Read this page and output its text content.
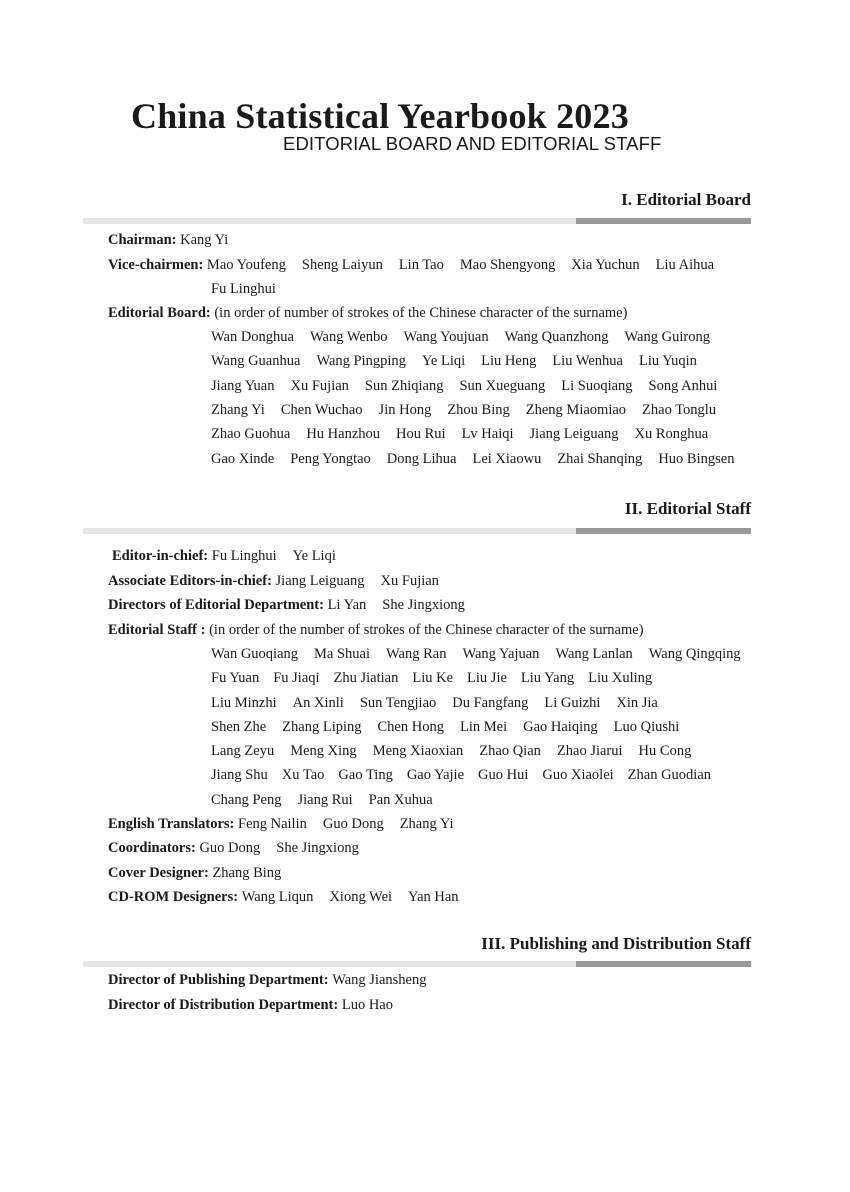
China Statistical Yearbook 2023
EDITORIAL BOARD AND EDITORIAL STAFF
I. Editorial Board
Chairman: Kang Yi
Vice-chairmen: Mao Youfeng Sheng Laiyun Lin Tao Mao Shengyong Xia Yuchun Liu Aihua
Fu Linghui
Editorial Board: (in order of number of strokes of the Chinese character of the surname)
Wan Donghua Wang Wenbo Wang Youjuan Wang Quanzhong Wang Guirong
Wang Guanhua Wang Pingping Ye Liqi Liu Heng Liu Wenhua Liu Yuqin
Jiang Yuan Xu Fujian Sun Zhiqiang Sun Xueguang Li Suoqiang Song Anhui
Zhang Yi Chen Wuchao Jin Hong Zhou Bing Zheng Miaomiao Zhao Tonglu
Zhao Guohua Hu Hanzhou Hou Rui Lv Haiqi Jiang Leiguang Xu Ronghua
Gao Xinde Peng Yongtao Dong Lihua Lei Xiaowu Zhai Shanqing Huo Bingsen
II. Editorial Staff
Editor-in-chief: Fu Linghui Ye Liqi
Associate Editors-in-chief: Jiang Leiguang Xu Fujian
Directors of Editorial Department: Li Yan She Jingxiong
Editorial Staff : (in order of the number of strokes of the Chinese character of the surname)
Wan Guoqiang Ma Shuai Wang Ran Wang Yajuan Wang Lanlan Wang Qingqing
Fu Yuan Fu Jiaqi Zhu Jiatian Liu Ke Liu Jie Liu Yang Liu Xuling
Liu Minzhi An Xinli Sun Tengjiao Du Fangfang Li Guizhi Xin Jia
Shen Zhe Zhang Liping Chen Hong Lin Mei Gao Haiqing Luo Qiushi
Lang Zeyu Meng Xing Meng Xiaoxian Zhao Qian Zhao Jiarui Hu Cong
Jiang Shu Xu Tao Gao Ting Gao Yajie Guo Hui Guo Xiaolei Zhan Guodian
Chang Peng Jiang Rui Pan Xuhua
English Translators: Feng Nailin Guo Dong Zhang Yi
Coordinators: Guo Dong She Jingxiong
Cover Designer: Zhang Bing
CD-ROM Designers: Wang Liqun Xiong Wei Yan Han
III. Publishing and Distribution Staff
Director of Publishing Department: Wang Jiansheng
Director of Distribution Department: Luo Hao
